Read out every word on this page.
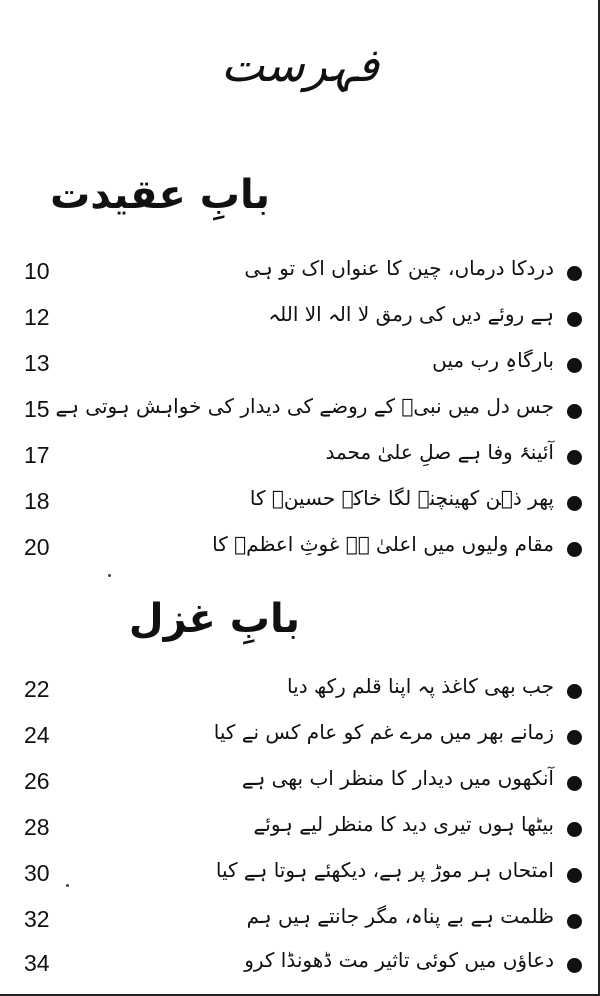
فہرست
بابِ عقیدت
10	دردکا درماں، چین کا عنواں اک تو ہی
12	ہے روئے دیں کی رمق لا الہ الا اللہ
13	بارگاہِ رب میں
15 جس دل میں نبیؐ کے روضے کی دیدار کی خواہش ہوتی ہے
17	آئینۂ وفا ہے صلِ علیٰ محمد
18	پھر ذہن کھینچنے لگا خاکہ حسینؓ کا
20	مقام ولیوں میں اعلیٰ ہے غوثِ اعظمؓ کا
بابِ غزل
22	جب بھی کاغذ پہ اپنا قلم رکھ دیا
24	زمانے بھر میں مرے غم کو عام کس نے کیا
26	آنکھوں میں دیدار کا منظر اب بھی ہے
28	بیٹھا ہوں تیری دید کا منظر لیے ہوئے
30	امتحاں ہر موڑ پر ہے، دیکھئے ہوتا ہے کیا
32	ظلمت ہے بے پناہ، مگر جانتے ہیں ہم
34	دعاؤں میں کوئی تاثیر مت ڈھونڈا کرو
